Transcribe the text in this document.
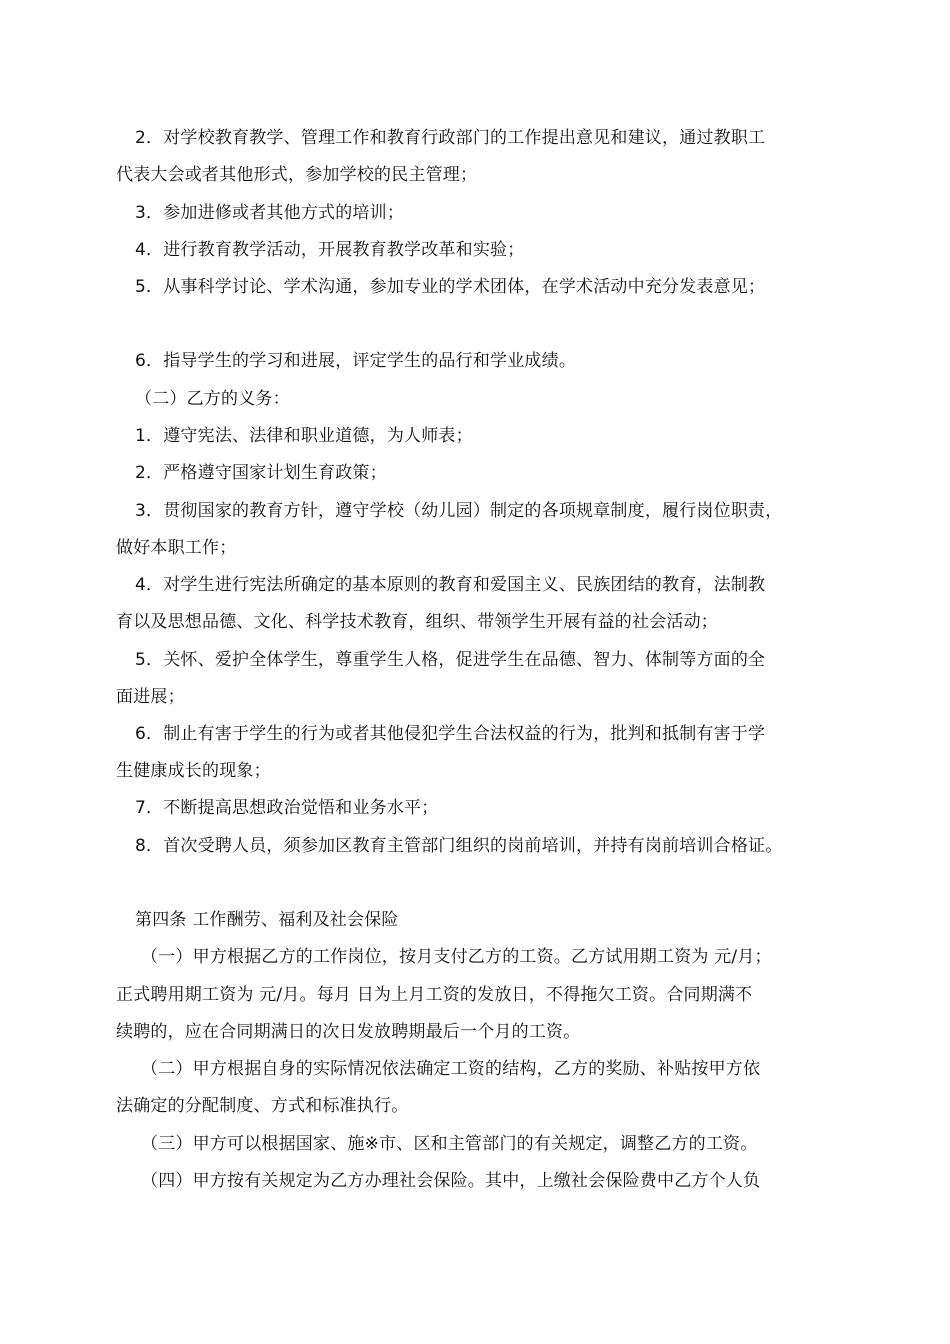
2．对学校教育教学、管理工作和教育行政部门的工作提出意见和建议，通过教职工
代表大会或者其他形式，参加学校的民主管理；
3．参加进修或者其他方式的培训；
4．进行教育教学活动，开展教育教学改革和实验；
5．从事科学讨论、学术沟通，参加专业的学术团体，在学术活动中充分发表意见；
6．指导学生的学习和进展，评定学生的品行和学业成绩。
（二）乙方的义务：
1．遵守宪法、法律和职业道德，为人师表；
2．严格遵守国家计划生育政策；
3．贯彻国家的教育方针，遵守学校（幼儿园）制定的各项规章制度，履行岗位职责，
做好本职工作；
4．对学生进行宪法所确定的基本原则的教育和爱国主义、民族团结的教育，法制教
育以及思想品德、文化、科学技术教育，组织、带领学生开展有益的社会活动；
5．关怀、爱护全体学生，尊重学生人格，促进学生在品德、智力、体制等方面的全
面进展；
6．制止有害于学生的行为或者其他侵犯学生合法权益的行为，批判和抵制有害于学
生健康成长的现象；
7．不断提高思想政治觉悟和业务水平；
8．首次受聘人员，须参加区教育主管部门组织的岗前培训，并持有岗前培训合格证。
第四条 工作酬劳、福利及社会保险
（一）甲方根据乙方的工作岗位，按月支付乙方的工资。乙方试用期工资为 元/月；
正式聘用期工资为 元/月。每月 日为上月工资的发放日，不得拖欠工资。合同期满不
续聘的，应在合同期满日的次日发放聘期最后一个月的工资。
（二）甲方根据自身的实际情况依法确定工资的结构，乙方的奖励、补贴按甲方依
法确定的分配制度、方式和标准执行。
（三）甲方可以根据国家、施※市、区和主管部门的有关规定，调整乙方的工资。
（四）甲方按有关规定为乙方办理社会保险。其中，上缴社会保险费中乙方个人负
